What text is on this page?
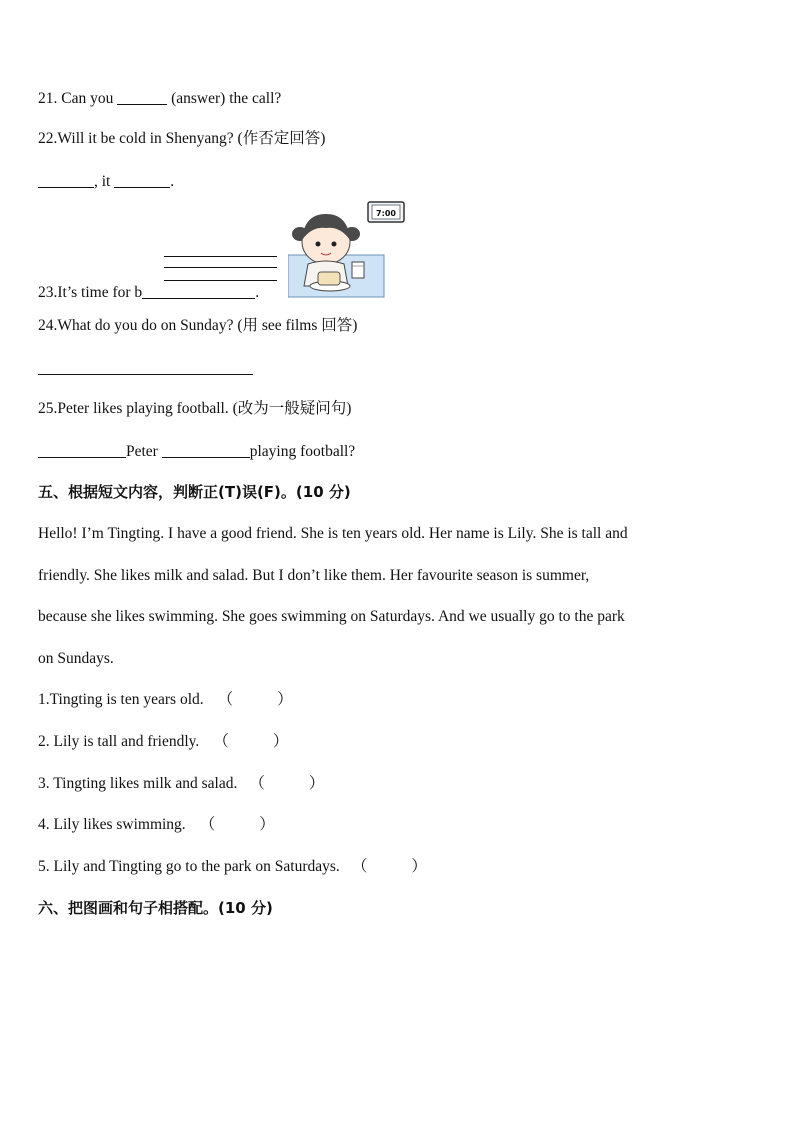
21. Can you	(answer) the call?
22.Will it be cold in Shenyang? (作否定回答)
, it	.
23.It’s time for b	.
7:00
24.What do you do on Sunday? (用 see films 回答)
25.Peter likes playing football. (改为一般疑问句)
Peter	playing football?
五、根据短文内容，判断正(T)误(F)。(10 分)
Hello! I’m Tingting. I have a good friend. She is ten years old. Her name is Lily. She is tall and
friendly. She likes milk and salad. But I don’t like them. Her favourite season is summer,
because she likes swimming. She goes swimming on Saturdays. And we usually go to the park
on Sundays.
1.Tingting is ten years old. （	）
2. Lily is tall and friendly. （	）
3. Tingting likes milk and salad. （	）
4. Lily likes swimming. （	）
5. Lily and Tingting go to the park on Saturdays. （	）
六、把图画和句子相搭配。(10 分)
